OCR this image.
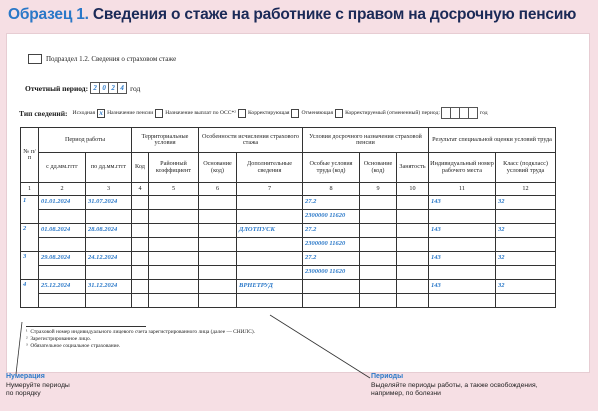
Образец 1. Сведения о стаже на работнике с правом на досрочную пенсию
Подраздел 1.2. Сведения о страховом стаже
Отчетный период: 2 0 2 4 год
Тип сведений: Исходная х Назначение пенсии Назначение выплат по ОСС*² Корректирующая Отменяющая Корректируемый (отмененный) период:	год
№ п/п	Период работы		Территориальные условия		Особенности исчисления страхового стажа		Условия досрочного назначения страховой пенсии			Результат специальной оценки условий труда	
	с дд.мм.гггг	по дд.мм.гггг	Код	Районный коэффициент	Основание (код)	Дополнительные сведения	Особые условия труда (код)	Основание (код)	Занятость	Индивидуальный номер рабочего места	Класс (подкласс) условий труда
1	2	3	4	5	6	7	8	9	10	11	12
1	01.01.2024	31.07.2024					27.2			143	32
							2300000 11620				
2	01.08.2024	28.08.2024				ДЛОТПУСК	27.2			143	32
							2300000 11620				
3	29.08.2024	24.12.2024					27.2			143	32
							2300000 11620				
4	25.12.2024	31.12.2024				ВРНЕТРУД				143	32

¹  Страховой номер индивидуального лицевого счета зарегистрированного лица (далее — СНИЛС).
²  Зарегистрированное лицо.
³  Обязательное социальное страхование.
Нумерация
Нумеруйте периоды
по порядку
Периоды
Выделяйте периоды работы, а также освобождения,
например, по болезни
